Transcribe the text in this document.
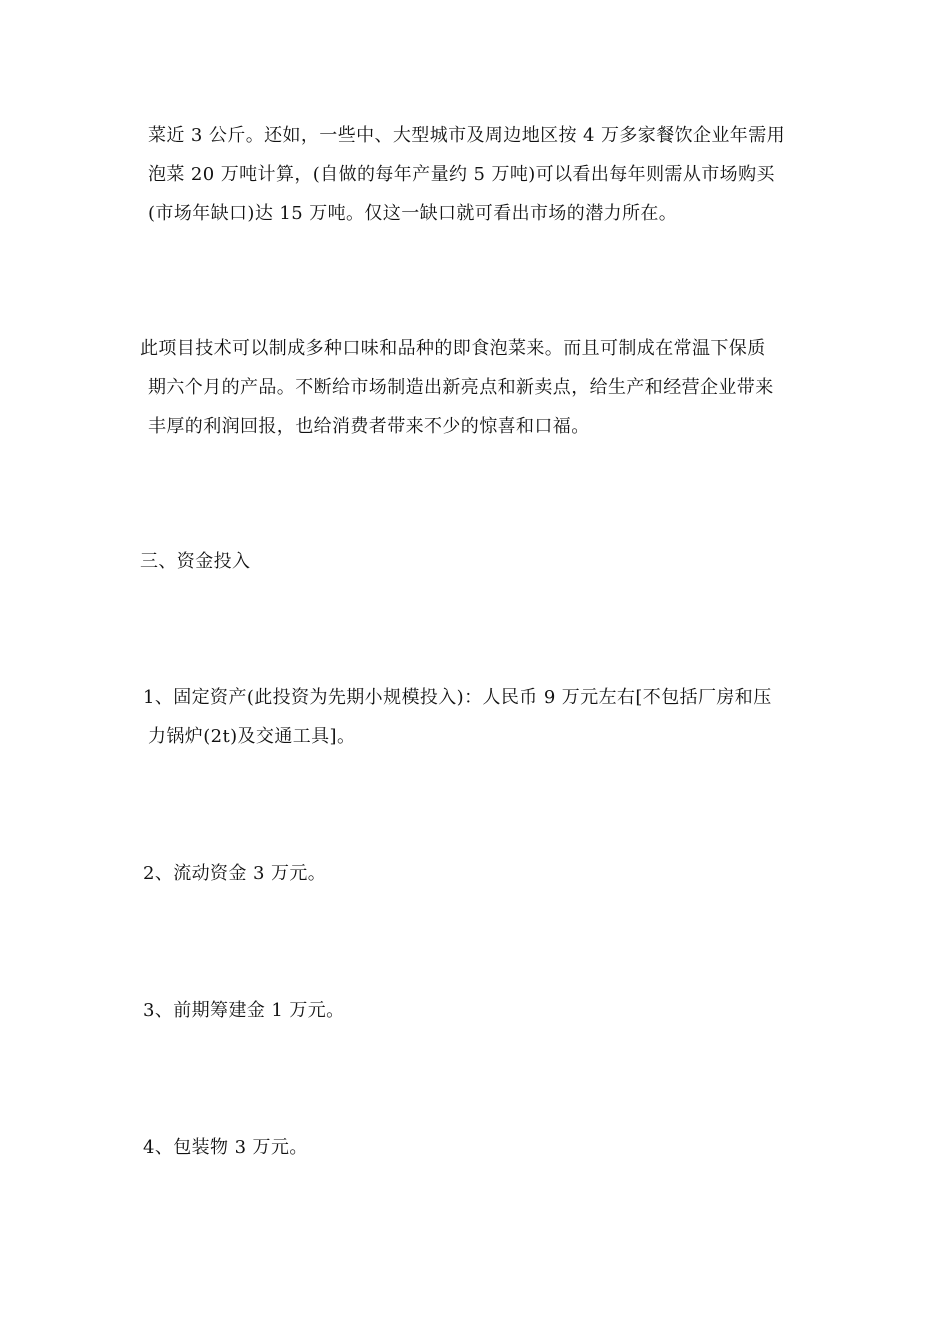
菜近 3 公斤。还如，一些中、大型城市及周边地区按 4 万多家餐饮企业年需用
泡菜 20 万吨计算，(自做的每年产量约 5 万吨)可以看出每年则需从市场购买
(市场年缺口)达 15 万吨。仅这一缺口就可看出市场的潜力所在。
此项目技术可以制成多种口味和品种的即食泡菜来。而且可制成在常温下保质
期六个月的产品。不断给市场制造出新亮点和新卖点，给生产和经营企业带来
丰厚的利润回报，也给消费者带来不少的惊喜和口福。
三、资金投入
1、固定资产(此投资为先期小规模投入)：人民币 9 万元左右[不包括厂房和压
力锅炉(2t)及交通工具]。
2、流动资金 3 万元。
3、前期筹建金 1 万元。
4、包装物 3 万元。
